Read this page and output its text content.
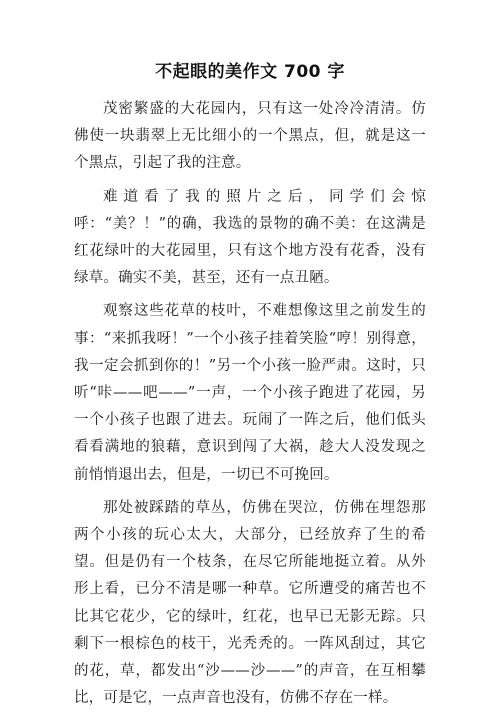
不起眼的美作文 700 字

茂密繁盛的大花园内，只有这一处冷冷清清。仿佛使一块翡翠上无比细小的一个黑点，但，就是这一个黑点，引起了我的注意。

难道看了我的照片之后，同学们会惊呼：“美？！”的确，我选的景物的确不美：在这满是红花绿叶的大花园里，只有这个地方没有花香，没有绿草。确实不美，甚至，还有一点丑陋。

观察这些花草的枝叶，不难想像这里之前发生的事：“来抓我呀！”一个小孩子挂着笑脸“哼！别得意，我一定会抓到你的！”另一个小孩一脸严肃。这时，只听“咔——吧——”一声，一个小孩子跑进了花园，另一个小孩子也跟了进去。玩闹了一阵之后，他们低头看看满地的狼藉，意识到闯了大祸，趁大人没发现之前悄悄退出去，但是，一切已不可挽回。

那处被踩踏的草丛，仿佛在哭泣，仿佛在埋怨那两个小孩的玩心太大，大部分，已经放弃了生的希望。但是仍有一个枝条，在尽它所能地挺立着。从外形上看，已分不清是哪一种草。它所遭受的痛苦也不比其它花少，它的绿叶，红花，也早已无影无踪。只剩下一根棕色的枝干，光秃秃的。一阵风刮过，其它的花，草，都发出“沙——沙——”的声音，在互相攀比，可是它，一点声音也没有，仿佛不存在一样。
